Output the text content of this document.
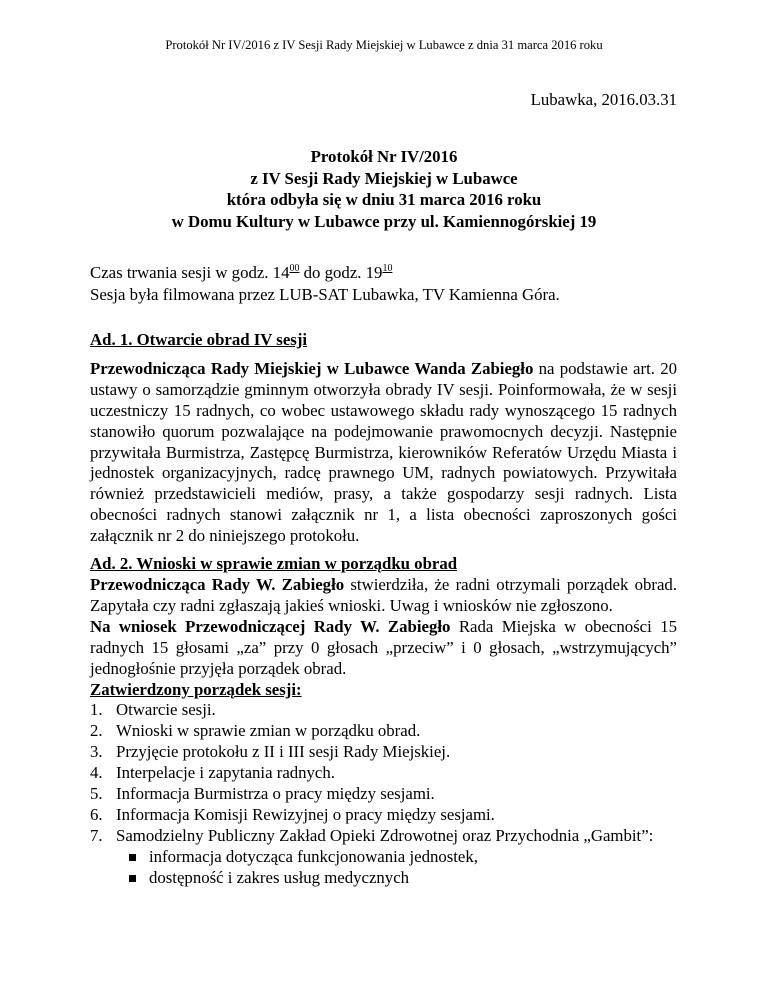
Protokół Nr IV/2016 z IV Sesji Rady Miejskiej w Lubawce z dnia 31 marca 2016 roku
Lubawka, 2016.03.31
Protokół Nr IV/2016
z IV Sesji Rady Miejskiej w Lubawce
która odbyła się w dniu 31 marca 2016 roku
w Domu Kultury w Lubawce przy ul. Kamiennogórskiej 19
Czas trwania sesji w godz. $14^{00}$ do godz. $19^{10}$
Sesja była filmowana przez LUB-SAT Lubawka, TV Kamienna Góra.
Ad. 1. Otwarcie obrad IV sesji
Przewodnicząca Rady Miejskiej w Lubawce Wanda Zabiegło na podstawie art. 20 ustawy o samorządzie gminnym otworzyła obrady IV sesji. Poinformowała, że w sesji uczestniczy 15 radnych, co wobec ustawowego składu rady wynoszącego 15 radnych stanowiło quorum pozwalające na podejmowanie prawomocnych decyzji. Następnie przywitała Burmistrza, Zastępcę Burmistrza, kierowników Referatów Urzędu Miasta i jednostek organizacyjnych, radcę prawnego UM, radnych powiatowych. Przywitała również przedstawicieli mediów, prasy, a także gospodarzy sesji radnych. Lista obecności radnych stanowi załącznik nr 1, a lista obecności zaproszonych gości załącznik nr 2 do niniejszego protokołu.
Ad. 2. Wnioski w sprawie zmian w porządku obrad
Przewodnicząca Rady W. Zabiegło stwierdziła, że radni otrzymali porządek obrad. Zapytała czy radni zgłaszają jakieś wnioski. Uwag i wniosków nie zgłoszono.
Na wniosek Przewodniczącej Rady W. Zabiegło Rada Miejska w obecności 15 radnych 15 głosami „za” przy 0 głosach „przeciw” i 0 głosach, „wstrzymujących” jednogłośnie przyjęła porządek obrad.
Zatwierdzony porządek sesji:
1. Otwarcie sesji.
2. Wnioski w sprawie zmian w porządku obrad.
3. Przyjęcie protokołu z II i III sesji Rady Miejskiej.
4. Interpelacje i zapytania radnych.
5. Informacja Burmistrza o pracy między sesjami.
6. Informacja Komisji Rewizyjnej o pracy między sesjami.
7. Samodzielny Publiczny Zakład Opieki Zdrowotnej oraz Przychodnia „Gambit”:
informacja dotycząca funkcjonowania jednostek,
dostępność i zakres usług medycznych
